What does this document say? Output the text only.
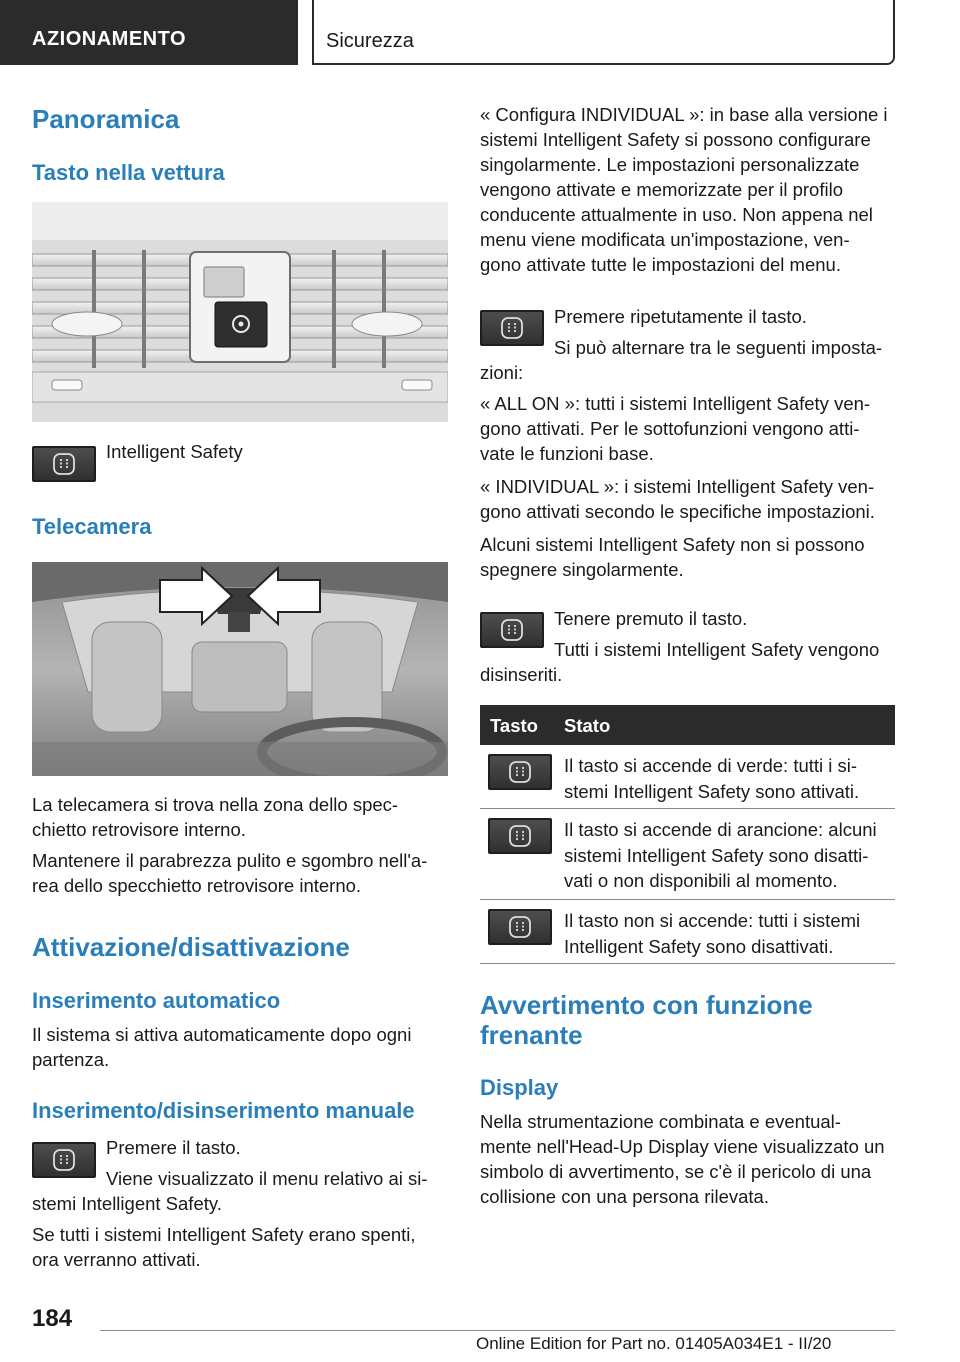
AZIONAMENTO	Sicurezza
Panoramica
Tasto nella vettura
Intelligent Safety
Telecamera
La telecamera si trova nella zona dello spec-
chietto retrovisore interno.
Mantenere il parabrezza pulito e sgombro nell'a-
rea dello specchietto retrovisore interno.
Attivazione/disattivazione
Inserimento automatico
Il sistema si attiva automaticamente dopo ogni
partenza.
Inserimento/disinserimento manuale
Premere il tasto.
Viene visualizzato il menu relativo ai si-
stemi Intelligent Safety.
Se tutti i sistemi Intelligent Safety erano spenti,
ora verranno attivati.
« Configura INDIVIDUAL »: in base alla versione i
sistemi Intelligent Safety si possono configurare
singolarmente. Le impostazioni personalizzate
vengono attivate e memorizzate per il profilo
conducente attualmente in uso. Non appena nel
menu viene modificata un'impostazione, ven-
gono attivate tutte le impostazioni del menu.
Premere ripetutamente il tasto.
Si può alternare tra le seguenti imposta-
zioni:
« ALL ON »: tutti i sistemi Intelligent Safety ven-
gono attivati. Per le sottofunzioni vengono atti-
vate le funzioni base.
« INDIVIDUAL »: i sistemi Intelligent Safety ven-
gono attivati secondo le specifiche impostazioni.
Alcuni sistemi Intelligent Safety non si possono
spegnere singolarmente.
Tenere premuto il tasto.
Tutti i sistemi Intelligent Safety vengono
disinseriti.
Tasto Stato
Il tasto si accende di verde: tutti i si-
stemi Intelligent Safety sono attivati.
Il tasto si accende di arancione: alcuni
sistemi Intelligent Safety sono disatti-
vati o non disponibili al momento.
Il tasto non si accende: tutti i sistemi
Intelligent Safety sono disattivati.
Avvertimento con funzione
frenante
Display
Nella strumentazione combinata e eventual-
mente nell'Head-Up Display viene visualizzato un
simbolo di avvertimento, se c'è il pericolo di una
collisione con una persona rilevata.
184
Online Edition for Part no. 01405A034E1 - II/20
